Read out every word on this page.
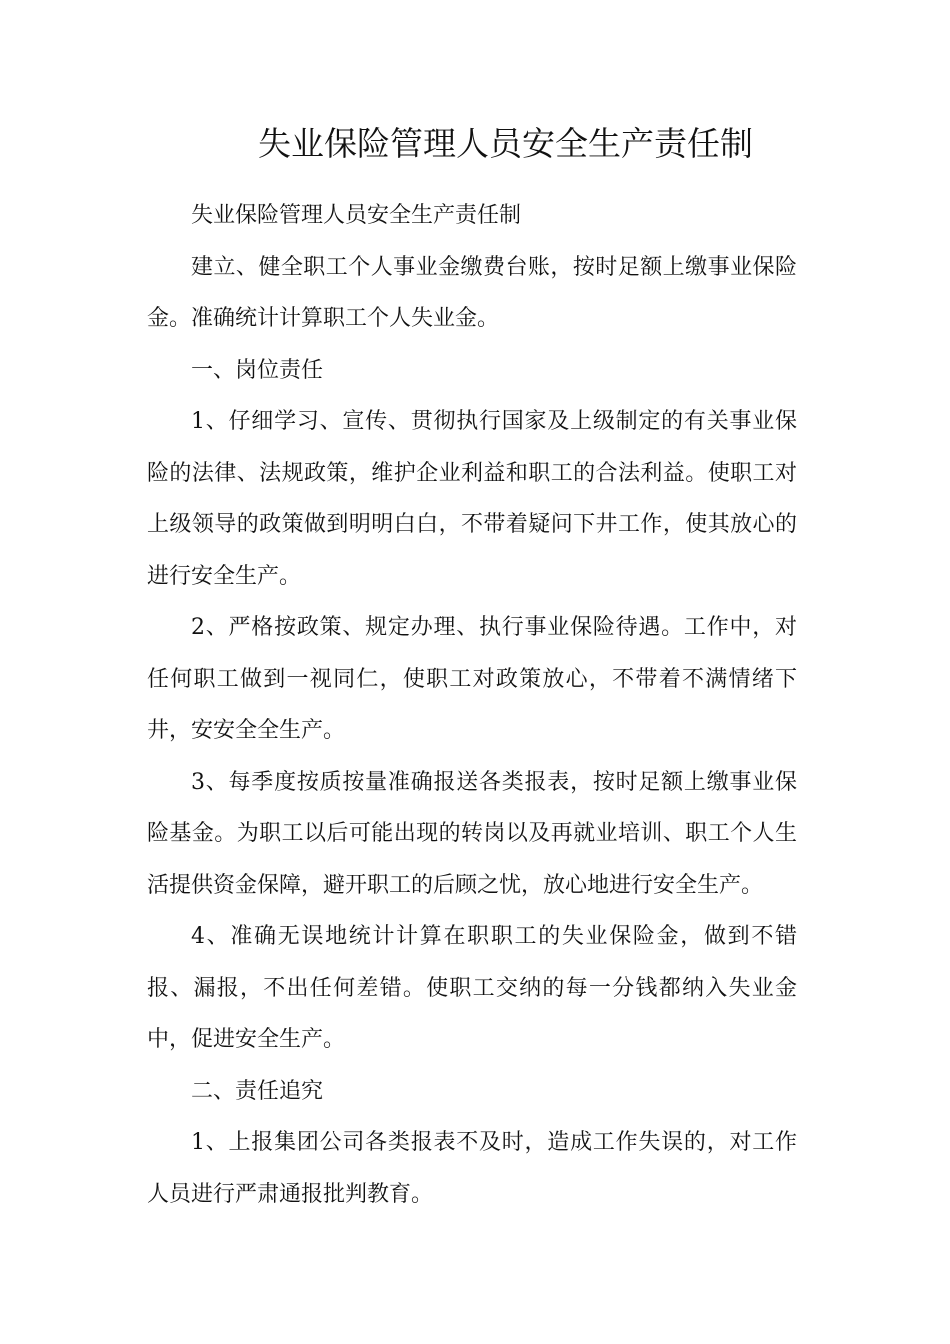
失业保险管理人员安全生产责任制

失业保险管理人员安全生产责任制

建立、健全职工个人事业金缴费台账，按时足额上缴事业保险金。准确统计计算职工个人失业金。

一、岗位责任

1、仔细学习、宣传、贯彻执行国家及上级制定的有关事业保险的法律、法规政策，维护企业利益和职工的合法利益。使职工对上级领导的政策做到明明白白，不带着疑问下井工作，使其放心的进行安全生产。

2、严格按政策、规定办理、执行事业保险待遇。工作中，对任何职工做到一视同仁，使职工对政策放心，不带着不满情绪下井，安安全全生产。

3、每季度按质按量准确报送各类报表，按时足额上缴事业保险基金。为职工以后可能出现的转岗以及再就业培训、职工个人生活提供资金保障，避开职工的后顾之忧，放心地进行安全生产。

4、准确无误地统计计算在职职工的失业保险金，做到不错报、漏报，不出任何差错。使职工交纳的每一分钱都纳入失业金中，促进安全生产。

二、责任追究

1、上报集团公司各类报表不及时，造成工作失误的，对工作人员进行严肃通报批判教育。
